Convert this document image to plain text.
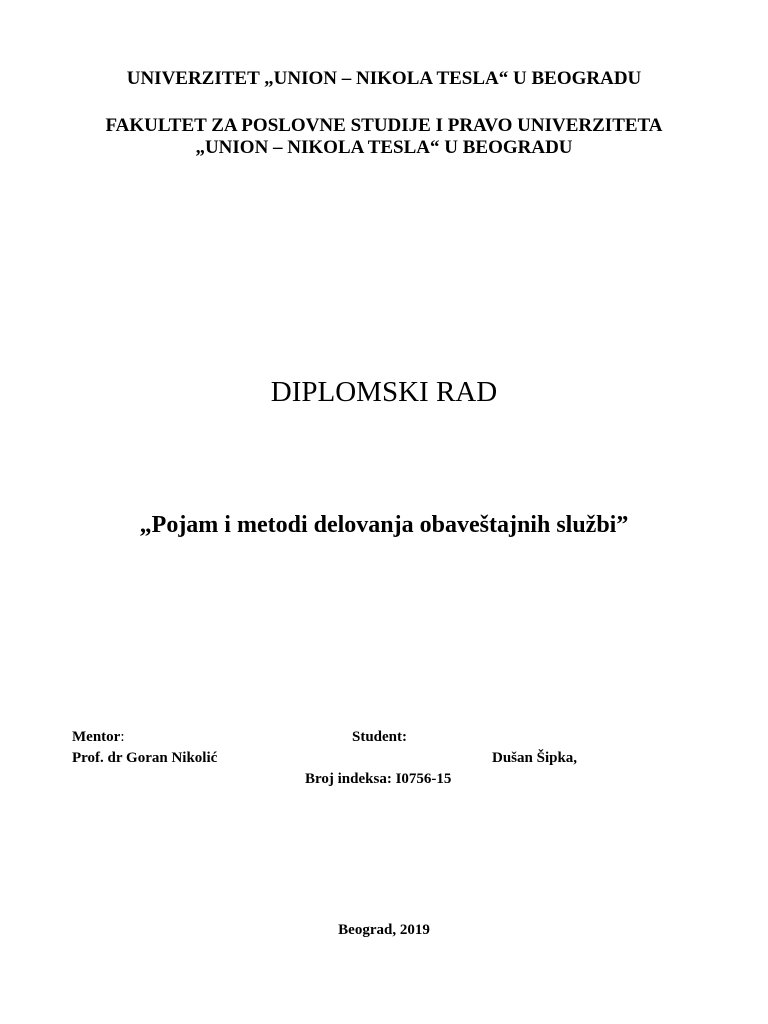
UNIVERZITET „UNION – NIKOLA TESLA“ U BEOGRADU
FAKULTET ZA POSLOVNE STUDIJE I PRAVO UNIVERZITETA
„UNION – NIKOLA TESLA“ U BEOGRADU
DIPLOMSKI RAD
„Pojam i metodi delovanja obaveštajnih službi”
Mentor:	Student:
Prof. dr Goran Nikolić	Dušan Šipka,
Broj indeksa: I0756-15
Beograd, 2019
